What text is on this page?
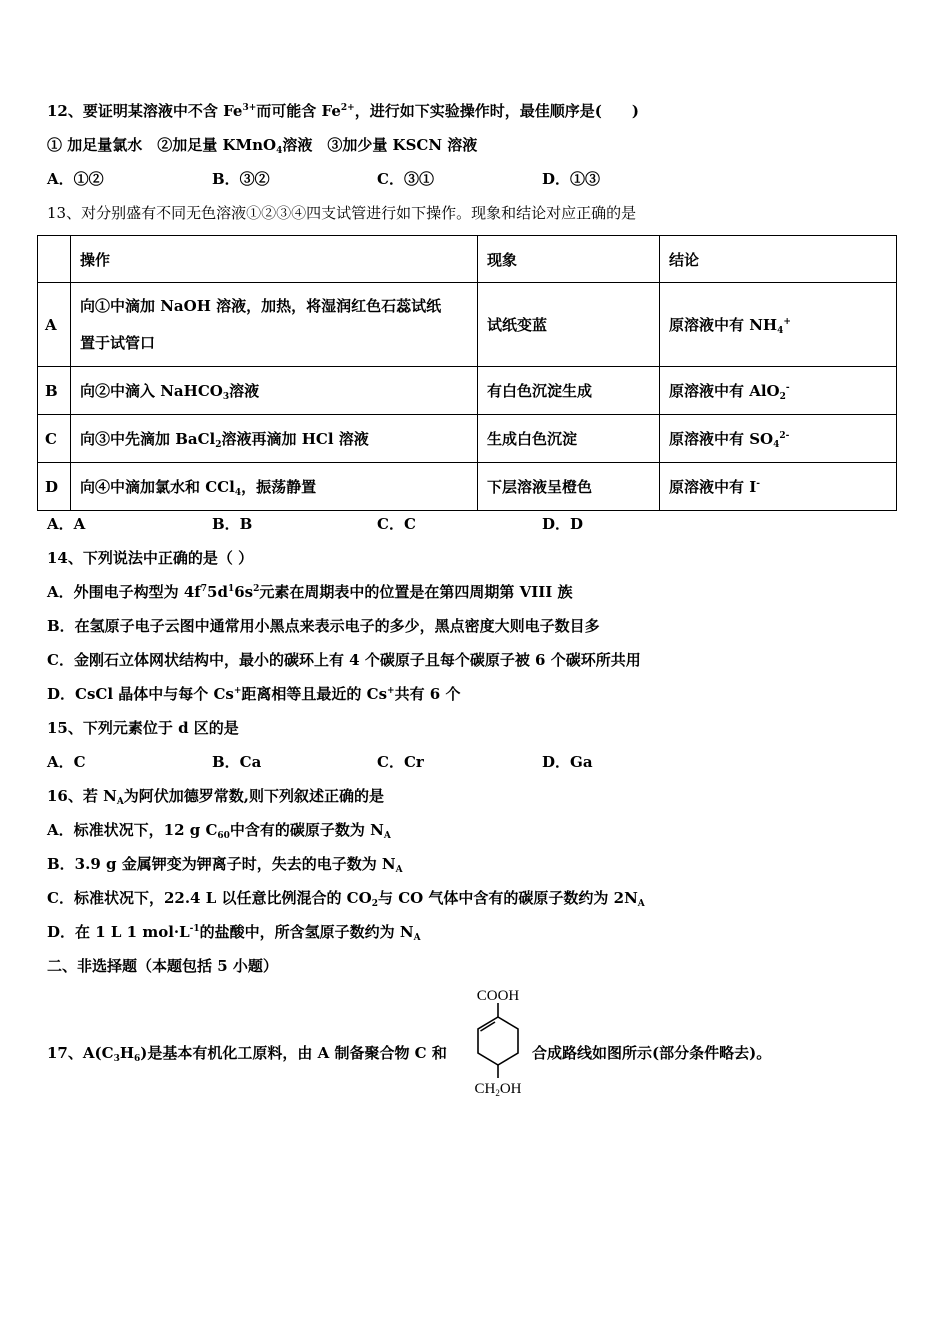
12、要证明某溶液中不含 $Fe^{3+}$而可能含 $Fe^{2+}$，进行如下实验操作时，最佳顺序是(　　)
① 加足量氯水　②加足量 KMnO$_4$溶液　③加少量 KSCN 溶液
A．①②	B．③②	C．③①	D．①③
13、对分别盛有不同无色溶液①②③④四支试管进行如下操作。现象和结论对应正确的是
	操作	现象	结论
A	向①中滴加 NaOH 溶液，加热，将湿润红色石蕊试纸
置于试管口	试纸变蓝	原溶液中有 $NH_4^+$
B	向②中滴入 NaHCO$_3$溶液	有白色沉淀生成	原溶液中有 AlO$_2$-
C	向③中先滴加 BaCl$_2$溶液再滴加 HCl 溶液	生成白色沉淀	原溶液中有 $SO_4^{2-}$
D	向④中滴加氯水和 CCl$_4$，振荡静置	下层溶液呈橙色	原溶液中有 I-
A．A	B．B	C．C	D．D
14、下列说法中正确的是（ ）
A．外围电子构型为 $4f^75d^16s^2$元素在周期表中的位置是在第四周期第 VIII 族
B．在氢原子电子云图中通常用小黑点来表示电子的多少，黑点密度大则电子数目多
C．金刚石立体网状结构中，最小的碳环上有 4 个碳原子且每个碳原子被 6 个碳环所共用
D．CsCl 晶体中与每个 Cs+距离相等且最近的 Cs+共有 6 个
15、下列元素位于 d 区的是
A．C	B．Ca	C．Cr	D．Ga
16、若 $N_A$为阿伏加德罗常数,则下列叙述正确的是
A．标准状况下，12 g $C_{60}$中含有的碳原子数为 $N_A$
B．3.9 g 金属钾变为钾离子时，失去的电子数为 $N_A$
C．标准状况下，22.4 L 以任意比例混合的 $CO_2$与 CO 气体中含有的碳原子数约为 $2N_A$
D．在 1 L 1 $mol\cdot L^{-1}$的盐酸中，所含氢原子数约为 $N_A$
二、非选择题（本题包括 5 小题）
17、$A(C_3H_6)$是基本有机化工原料，由 A 制备聚合物 C 和
COOH
$CH_2OH$
合成路线如图所示(部分条件略去)。
